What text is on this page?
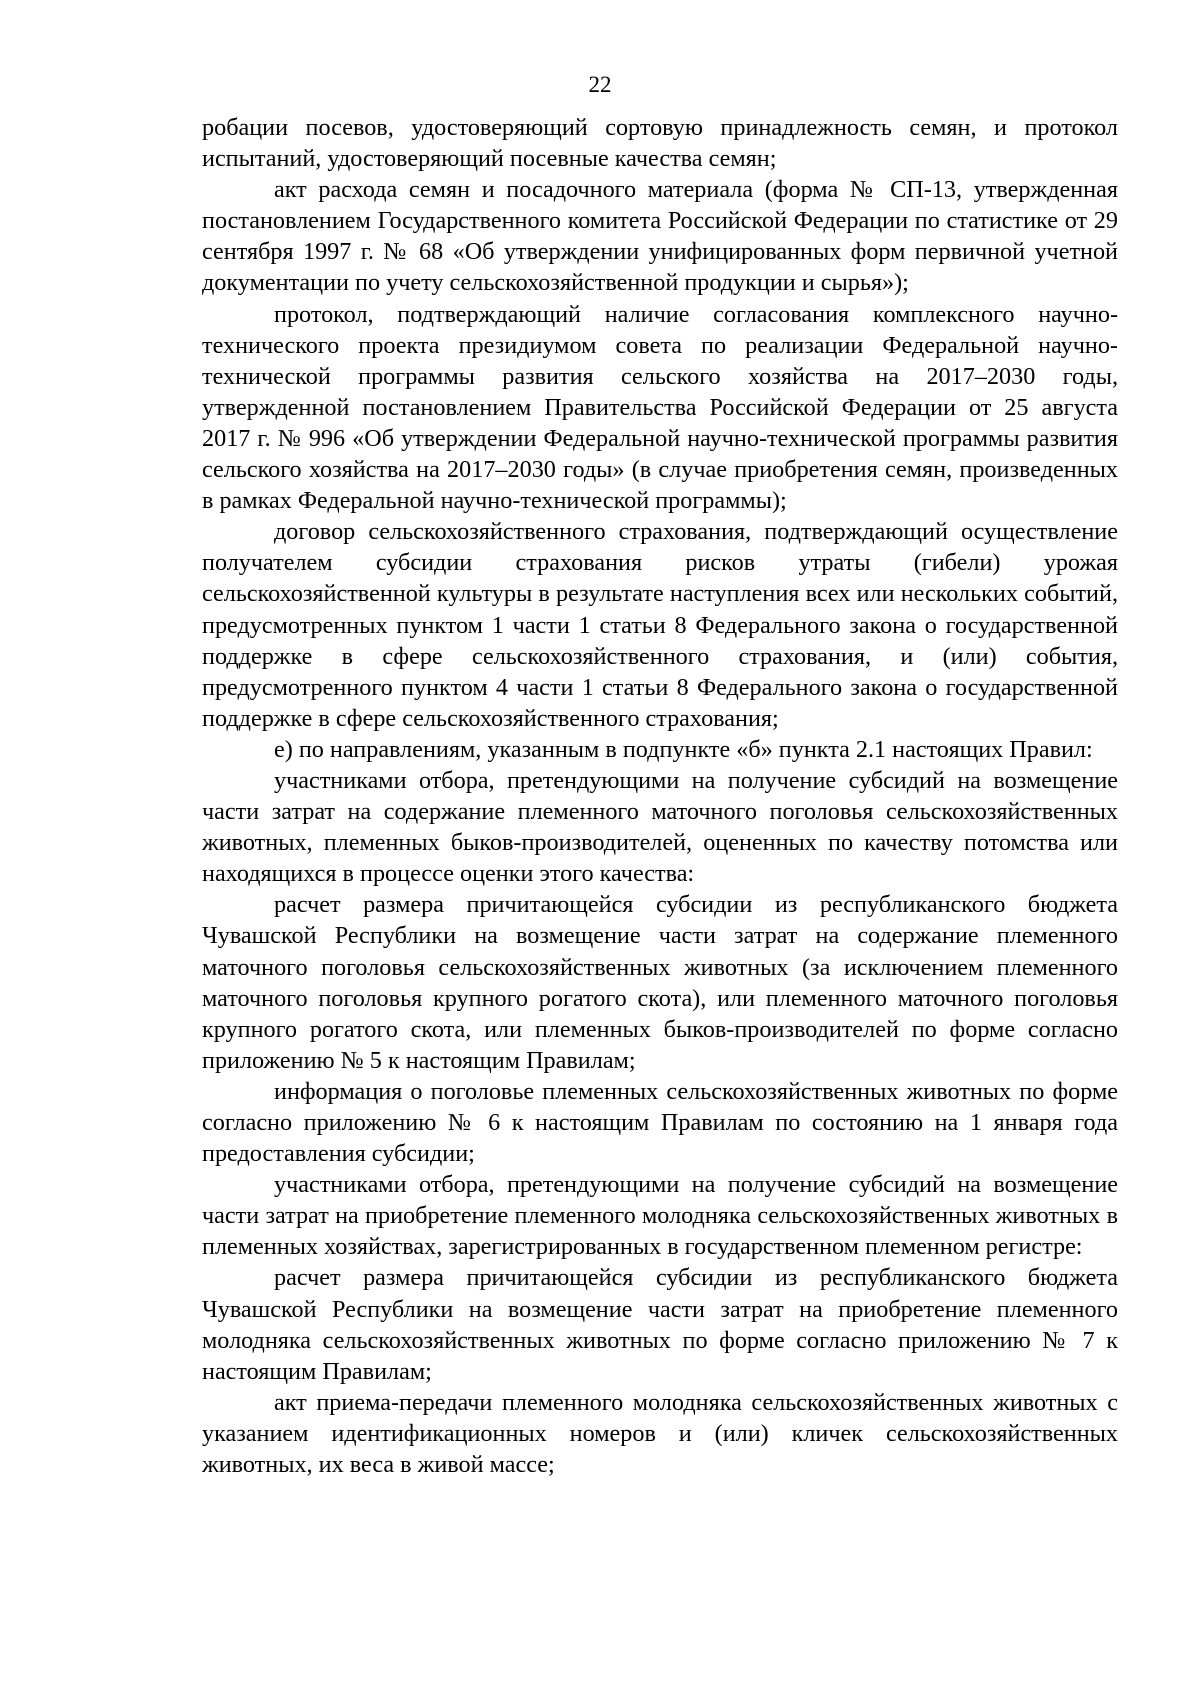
22

робации посевов, удостоверяющий сортовую принадлежность семян, и протокол испытаний, удостоверяющий посевные качества семян;

акт расхода семян и посадочного материала (форма № СП-13, утвержденная постановлением Государственного комитета Российской Федерации по статистике от 29 сентября 1997 г. № 68 «Об утверждении унифицированных форм первичной учетной документации по учету сельскохозяйственной продукции и сырья»);

протокол, подтверждающий наличие согласования комплексного научно-технического проекта президиумом совета по реализации Федеральной научно-технической программы развития сельского хозяйства на 2017–2030 годы, утвержденной постановлением Правительства Российской Федерации от 25 августа 2017 г. № 996 «Об утверждении Федеральной научно-технической программы развития сельского хозяйства на 2017–2030 годы» (в случае приобретения семян, произведенных в рамках Федеральной научно-технической программы);

договор сельскохозяйственного страхования, подтверждающий осуществление получателем субсидии страхования рисков утраты (гибели) урожая сельскохозяйственной культуры в результате наступления всех или нескольких событий, предусмотренных пунктом 1 части 1 статьи 8 Федерального закона о государственной поддержке в сфере сельскохозяйственного страхования, и (или) события, предусмотренного пунктом 4 части 1 статьи 8 Федерального закона о государственной поддержке в сфере сельскохозяйственного страхования;

е) по направлениям, указанным в подпункте «б» пункта 2.1 настоящих Правил:

участниками отбора, претендующими на получение субсидий на возмещение части затрат на содержание племенного маточного поголовья сельскохозяйственных животных, племенных быков-производителей, оцененных по качеству потомства или находящихся в процессе оценки этого качества:

расчет размера причитающейся субсидии из республиканского бюджета Чувашской Республики на возмещение части затрат на содержание племенного маточного поголовья сельскохозяйственных животных (за исключением племенного маточного поголовья крупного рогатого скота), или племенного маточного поголовья крупного рогатого скота, или племенных быков-производителей по форме согласно приложению № 5 к настоящим Правилам;

информация о поголовье племенных сельскохозяйственных животных по форме согласно приложению № 6 к настоящим Правилам по состоянию на 1 января года предоставления субсидии;

участниками отбора, претендующими на получение субсидий на возмещение части затрат на приобретение племенного молодняка сельскохозяйственных животных в племенных хозяйствах, зарегистрированных в государственном племенном регистре:

расчет размера причитающейся субсидии из республиканского бюджета Чувашской Республики на возмещение части затрат на приобретение племенного молодняка сельскохозяйственных животных по форме согласно приложению № 7 к настоящим Правилам;

акт приема-передачи племенного молодняка сельскохозяйственных животных с указанием идентификационных номеров и (или) кличек сельскохозяйственных животных, их веса в живой массе;
